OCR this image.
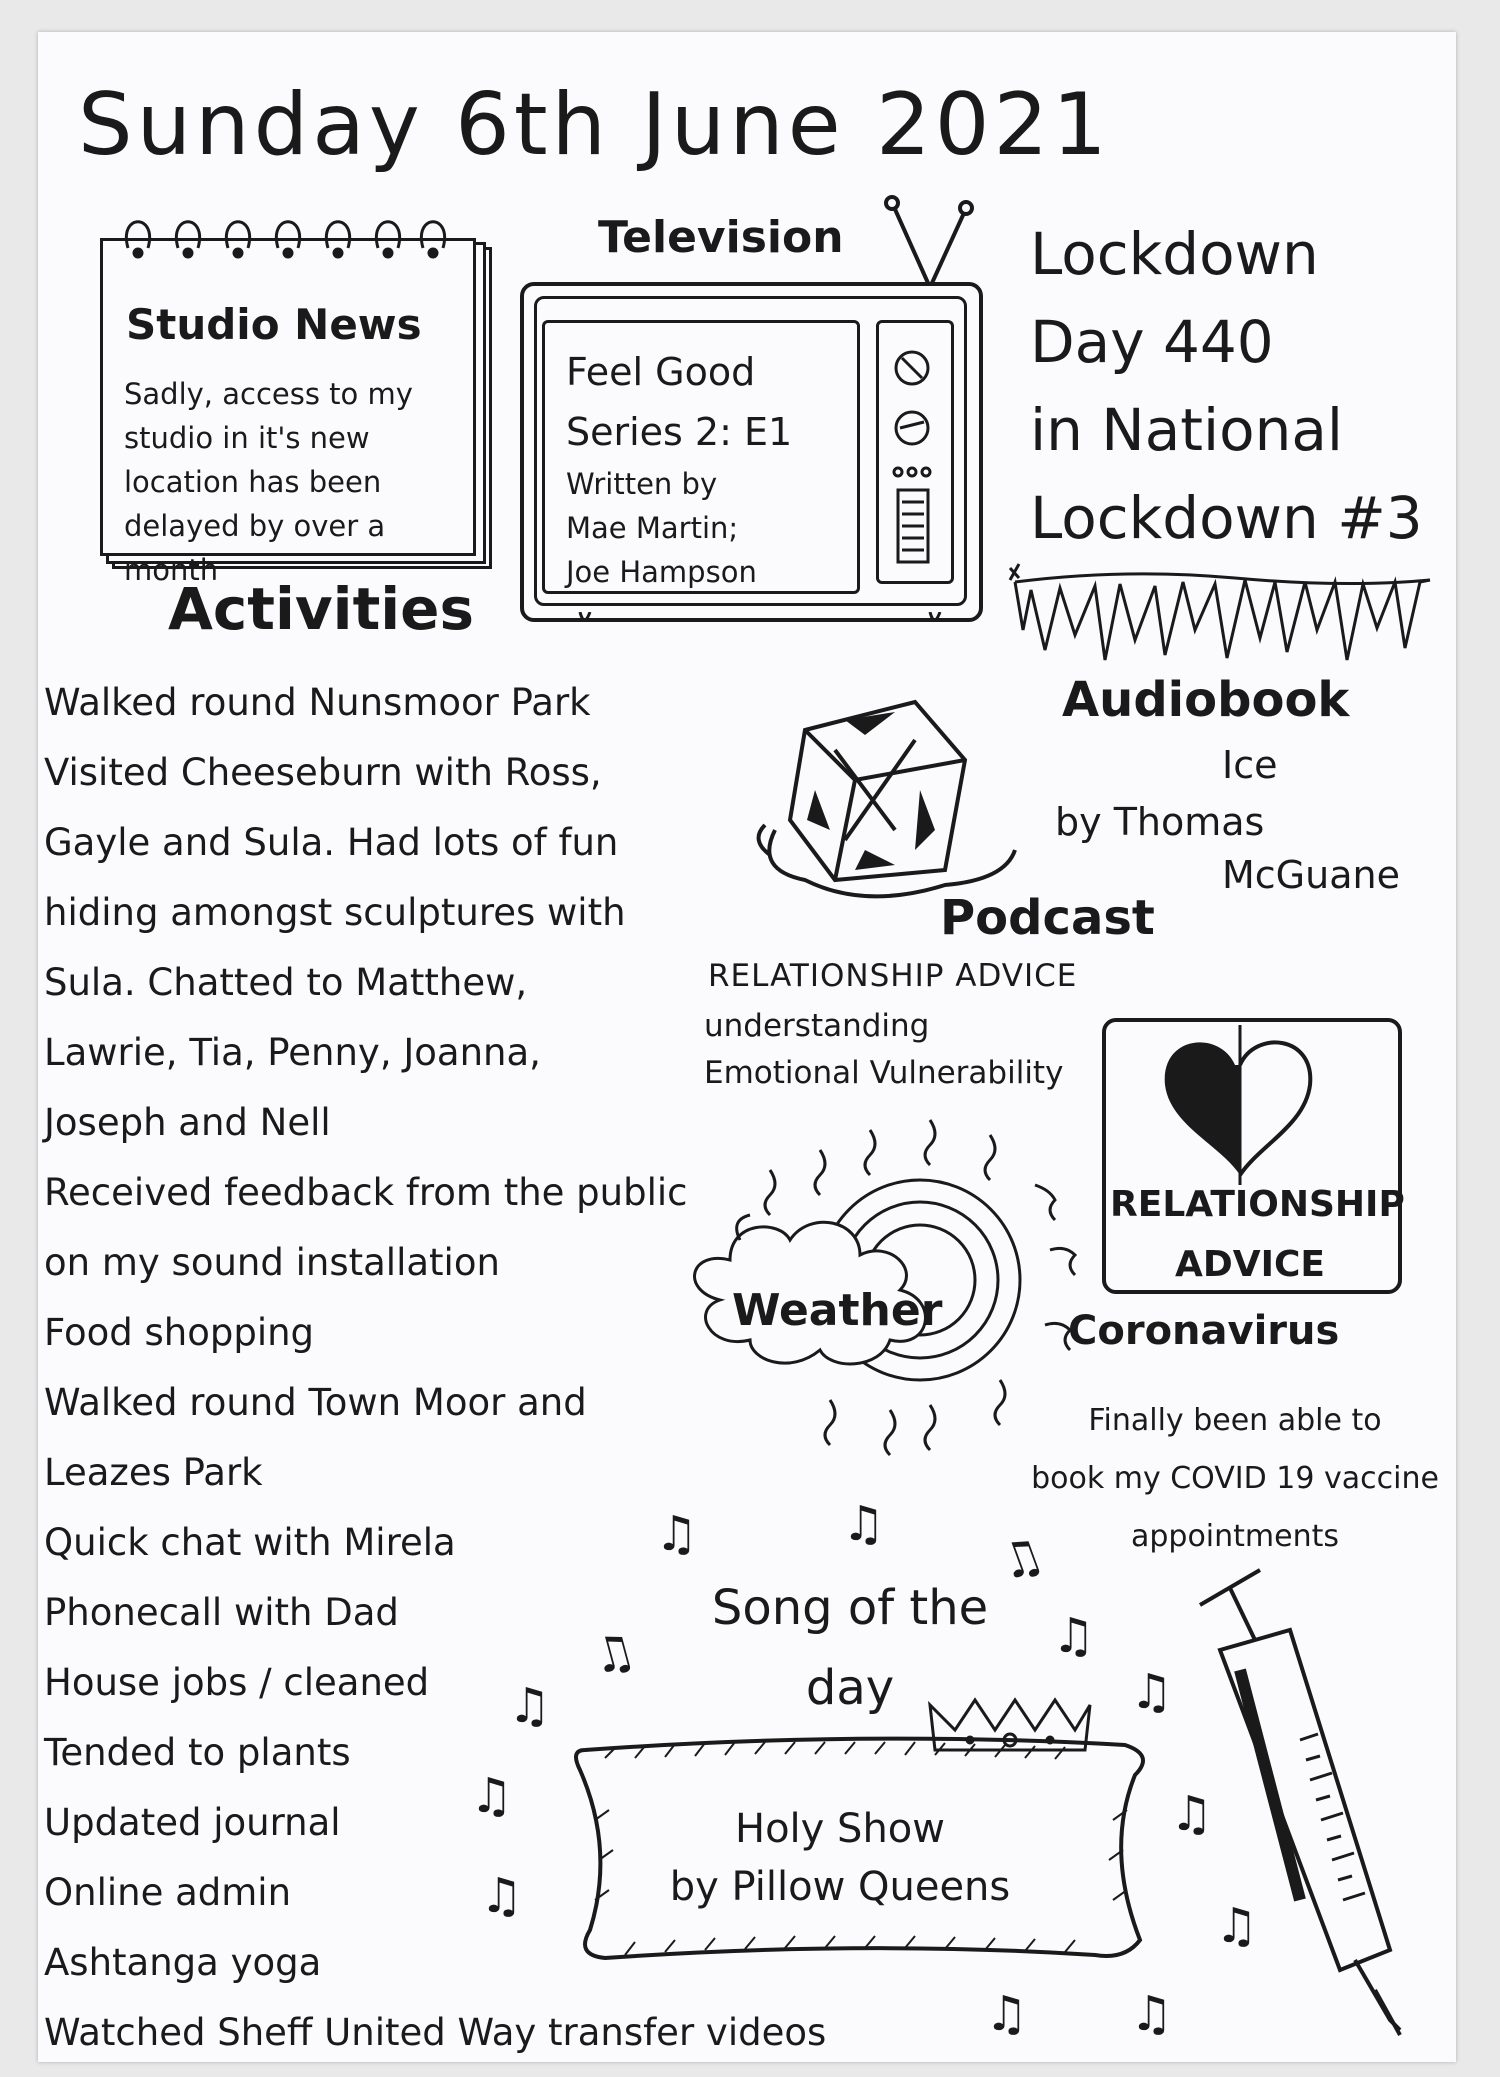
Sunday 6th June 2021
Studio News
Sadly, access to my studio in it's new location has been delayed by over a month
Television
Feel Good
Series 2: E1
Written by
Mae Martin;
Joe Hampson
Lockdown
Day 440
in National
Lockdown #3
Activities
Walked round Nunsmoor Park
Visited Cheeseburn with Ross,
Gayle and Sula. Had lots of fun
hiding amongst sculptures with
Sula. Chatted to Matthew,
Lawrie, Tia, Penny, Joanna,
Joseph and Nell
Received feedback from the public
on my sound installation
Food shopping
Walked round Town Moor and
Leazes Park
Quick chat with Mirela
Phonecall with Dad
House jobs / cleaned
Tended to plants
Updated journal
Online admin
Ashtanga yoga
Watched Sheff United Way transfer videos
Audiobook
Ice
by Thomas
McGuane
Podcast
RELATIONSHIP ADVICE
understanding
Emotional Vulnerability
RELATIONSHIP
ADVICE
Weather	Coronavirus
Finally been able to
book my COVID 19 vaccine
appointments
Song of the
day
Holy Show
by Pillow Queens
♫	♫
♫
♫	♫
♫	♫
♫	♫
♫
♫
♫ ♫
